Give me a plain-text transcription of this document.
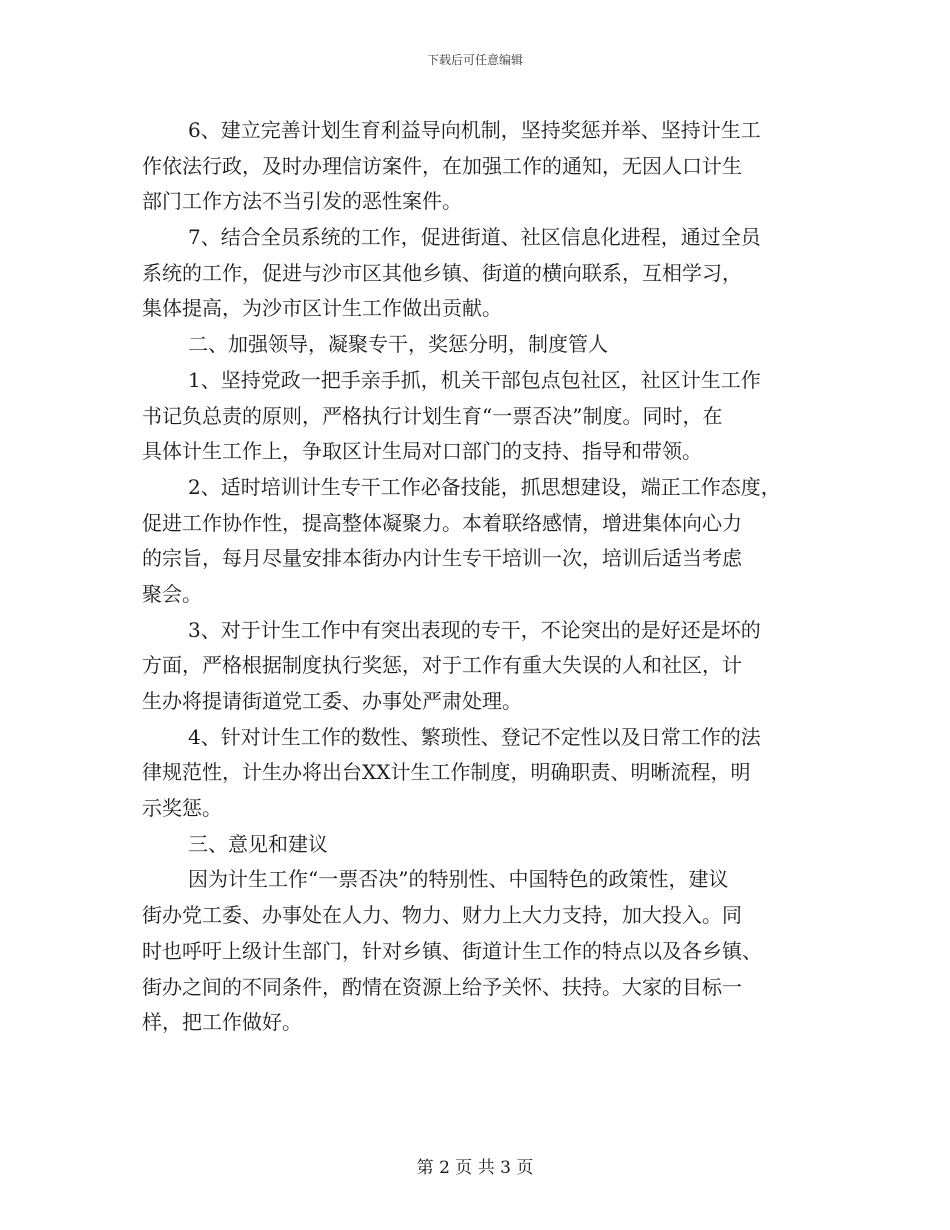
下载后可任意编辑
6、建立完善计划生育利益导向机制，坚持奖惩并举、坚持计生工
作依法行政，及时办理信访案件，在加强工作的通知，无因人口计生
部门工作方法不当引发的恶性案件。
7、结合全员系统的工作，促进街道、社区信息化进程，通过全员
系统的工作，促进与沙市区其他乡镇、街道的横向联系，互相学习，
集体提高，为沙市区计生工作做出贡献。
二、加强领导，凝聚专干，奖惩分明，制度管人
1、坚持党政一把手亲手抓，机关干部包点包社区，社区计生工作
书记负总责的原则，严格执行计划生育“一票否决”制度。同时，在
具体计生工作上，争取区计生局对口部门的支持、指导和带领。
2、适时培训计生专干工作必备技能，抓思想建设，端正工作态度，
促进工作协作性，提高整体凝聚力。本着联络感情，增进集体向心力
的宗旨，每月尽量安排本街办内计生专干培训一次，培训后适当考虑
聚会。
3、对于计生工作中有突出表现的专干，不论突出的是好还是坏的
方面，严格根据制度执行奖惩，对于工作有重大失误的人和社区，计
生办将提请街道党工委、办事处严肃处理。
4、针对计生工作的数性、繁琐性、登记不定性以及日常工作的法
律规范性，计生办将出台XX计生工作制度，明确职责、明晰流程，明
示奖惩。
三、意见和建议
因为计生工作“一票否决”的特别性、中国特色的政策性，建议
街办党工委、办事处在人力、物力、财力上大力支持，加大投入。同
时也呼吁上级计生部门，针对乡镇、街道计生工作的特点以及各乡镇、
街办之间的不同条件，酌情在资源上给予关怀、扶持。大家的目标一
样，把工作做好。
第 2 页 共 3 页
